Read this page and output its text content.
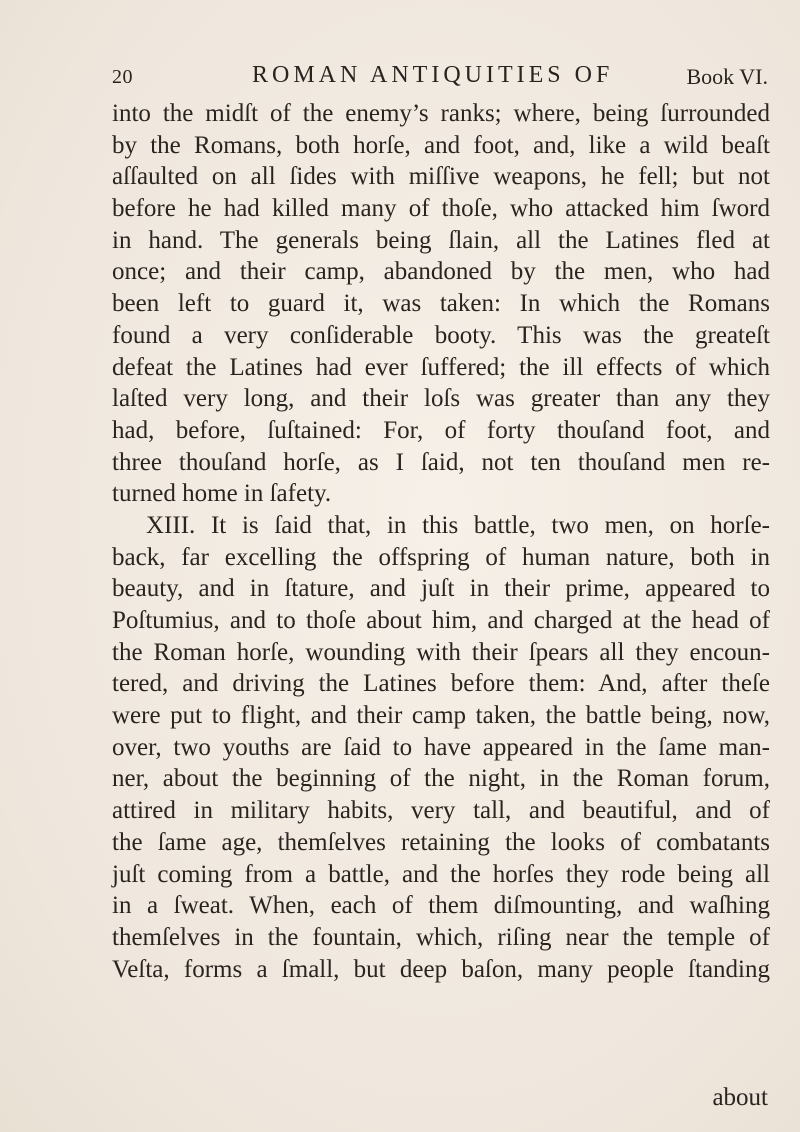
20	ROMAN ANTIQUITIES OF	Book VI.
into the midſt of the enemy’s ranks; where, being ſurrounded
by the Romans, both horſe, and foot, and, like a wild beaſt
aſſaulted on all ſides with miſſive weapons, he fell; but not
before he had killed many of thoſe, who attacked him ſword
in hand. The generals being ſlain, all the Latines fled at
once; and their camp, abandoned by the men, who had
been left to guard it, was taken: In which the Romans
found a very conſiderable booty. This was the greateſt
defeat the Latines had ever ſuffered; the ill effects of which
laſted very long, and their loſs was greater than any they
had, before, ſuſtained: For, of forty thouſand foot, and
three thouſand horſe, as I ſaid, not ten thouſand men re-
turned home in ſafety.
XIII. It is ſaid that, in this battle, two men, on horſe-
back, far excelling the offspring of human nature, both in
beauty, and in ſtature, and juſt in their prime, appeared to
Poſtumius, and to thoſe about him, and charged at the head of
the Roman horſe, wounding with their ſpears all they encoun-
tered, and driving the Latines before them: And, after theſe
were put to flight, and their camp taken, the battle being, now,
over, two youths are ſaid to have appeared in the ſame man-
ner, about the beginning of the night, in the Roman forum,
attired in military habits, very tall, and beautiful, and of
the ſame age, themſelves retaining the looks of combatants
juſt coming from a battle, and the horſes they rode being all
in a ſweat. When, each of them diſmounting, and waſhing
themſelves in the fountain, which, riſing near the temple of
Veſta, forms a ſmall, but deep baſon, many people ſtanding
about
